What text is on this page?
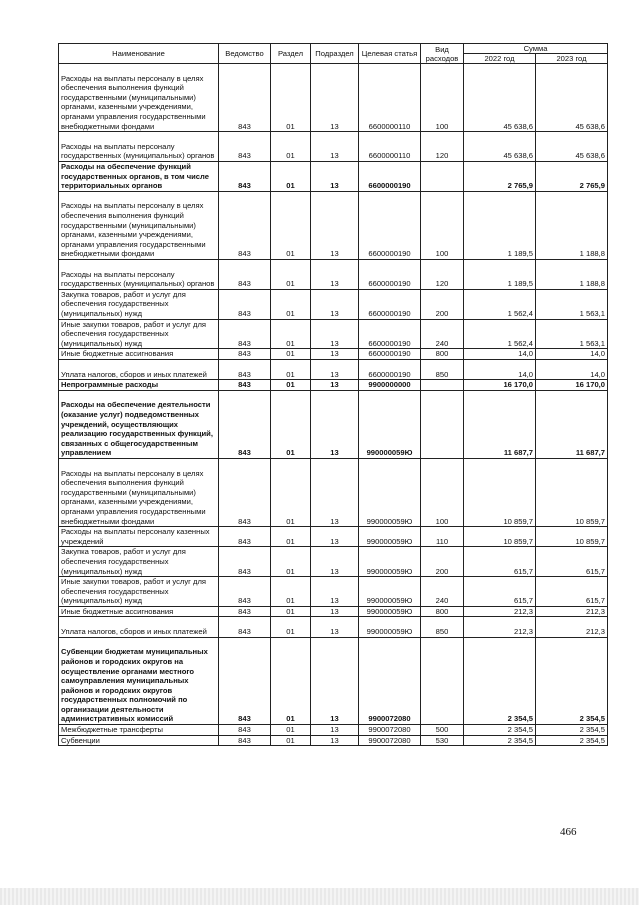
Наименование	Ведомство	Раздел	Подраздел	Целевая статья	Вид расходов	Сумма	
						2022 год	2023 год
Расходы на выплаты персоналу в целях обеспечения выполнения функций государственными (муниципальными) органами, казенными учреждениями, органами управления государственными внебюджетными фондами	843	01	13	6600000110	100	45 638,6	45 638,6
Расходы на выплаты персоналу государственных (муниципальных) органов	843	01	13	6600000110	120	45 638,6	45 638,6
Расходы на обеспечение функций государственных органов, в том числе территориальных органов	843	01	13	6600000190		2 765,9	2 765,9
Расходы на выплаты персоналу в целях обеспечения выполнения функций государственными (муниципальными) органами, казенными учреждениями, органами управления государственными внебюджетными фондами	843	01	13	6600000190	100	1 189,5	1 188,8
Расходы на выплаты персоналу государственных (муниципальных) органов	843	01	13	6600000190	120	1 189,5	1 188,8
Закупка товаров, работ и услуг для обеспечения государственных (муниципальных) нужд	843	01	13	6600000190	200	1 562,4	1 563,1
Иные закупки товаров, работ и услуг для обеспечения государственных (муниципальных) нужд	843	01	13	6600000190	240	1 562,4	1 563,1
Иные бюджетные ассигнования	843	01	13	6600000190	800	14,0	14,0
Уплата налогов, сборов и иных платежей	843	01	13	6600000190	850	14,0	14,0
Непрограммные расходы	843	01	13	9900000000		16 170,0	16 170,0
Расходы на обеспечение деятельности (оказание услуг) подведомственных учреждений, осуществляющих реализацию государственных функций, связанных с общегосударственным управлением	843	01	13	990000059Ю		11 687,7	11 687,7
Расходы на выплаты персоналу в целях обеспечения выполнения функций государственными (муниципальными) органами, казенными учреждениями, органами управления государственными внебюджетными фондами	843	01	13	990000059Ю	100	10 859,7	10 859,7
Расходы на выплаты персоналу казенных учреждений	843	01	13	990000059Ю	110	10 859,7	10 859,7
Закупка товаров, работ и услуг для обеспечения государственных (муниципальных) нужд	843	01	13	990000059Ю	200	615,7	615,7
Иные закупки товаров, работ и услуг для обеспечения государственных (муниципальных) нужд	843	01	13	990000059Ю	240	615,7	615,7
Иные бюджетные ассигнования	843	01	13	990000059Ю	800	212,3	212,3
Уплата налогов, сборов и иных платежей	843	01	13	990000059Ю	850	212,3	212,3
Субвенции бюджетам муниципальных районов и городских округов на осуществление органами местного самоуправления муниципальных районов и городских округов государственных полномочий по организации деятельности административных комиссий	843	01	13	9900072080		2 354,5	2 354,5
Межбюджетные трансферты	843	01	13	9900072080	500	2 354,5	2 354,5
Субвенции	843	01	13	9900072080	530	2 354,5	2 354,5
466
